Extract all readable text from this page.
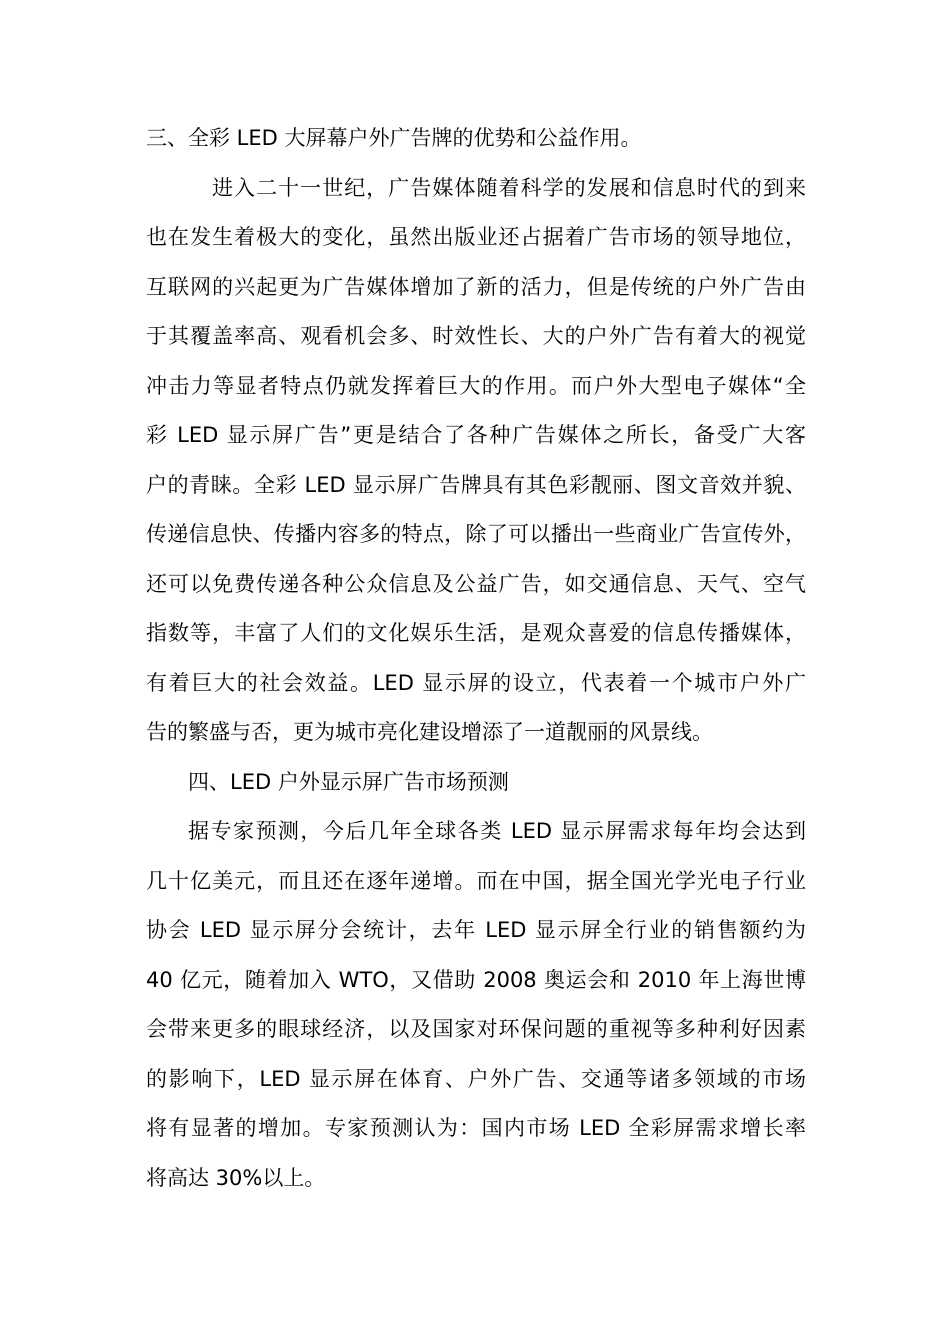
三、全彩 LED 大屏幕户外广告牌的优势和公益作用。
进入二十一世纪，广告媒体随着科学的发展和信息时代的到来
也在发生着极大的变化，虽然出版业还占据着广告市场的领导地位，
互联网的兴起更为广告媒体增加了新的活力，但是传统的户外广告由
于其覆盖率高、观看机会多、时效性长、大的户外广告有着大的视觉
冲击力等显者特点仍就发挥着巨大的作用。而户外大型电子媒体“全
彩 LED 显示屏广告”更是结合了各种广告媒体之所长，备受广大客
户的青睐。全彩 LED 显示屏广告牌具有其色彩靓丽、图文音效并貌、
传递信息快、传播内容多的特点，除了可以播出一些商业广告宣传外，
还可以免费传递各种公众信息及公益广告，如交通信息、天气、空气
指数等，丰富了人们的文化娱乐生活，是观众喜爱的信息传播媒体，
有着巨大的社会效益。LED 显示屏的设立，代表着一个城市户外广
告的繁盛与否，更为城市亮化建设增添了一道靓丽的风景线。
四、LED 户外显示屏广告市场预测
据专家预测，今后几年全球各类 LED 显示屏需求每年均会达到
几十亿美元，而且还在逐年递增。而在中国，据全国光学光电子行业
协会 LED 显示屏分会统计，去年 LED 显示屏全行业的销售额约为
40 亿元，随着加入 WTO，又借助 2008 奥运会和 2010 年上海世博
会带来更多的眼球经济，以及国家对环保问题的重视等多种利好因素
的影响下，LED 显示屏在体育、户外广告、交通等诸多领域的市场
将有显著的增加。专家预测认为：国内市场 LED 全彩屏需求增长率
将高达 30%以上。
